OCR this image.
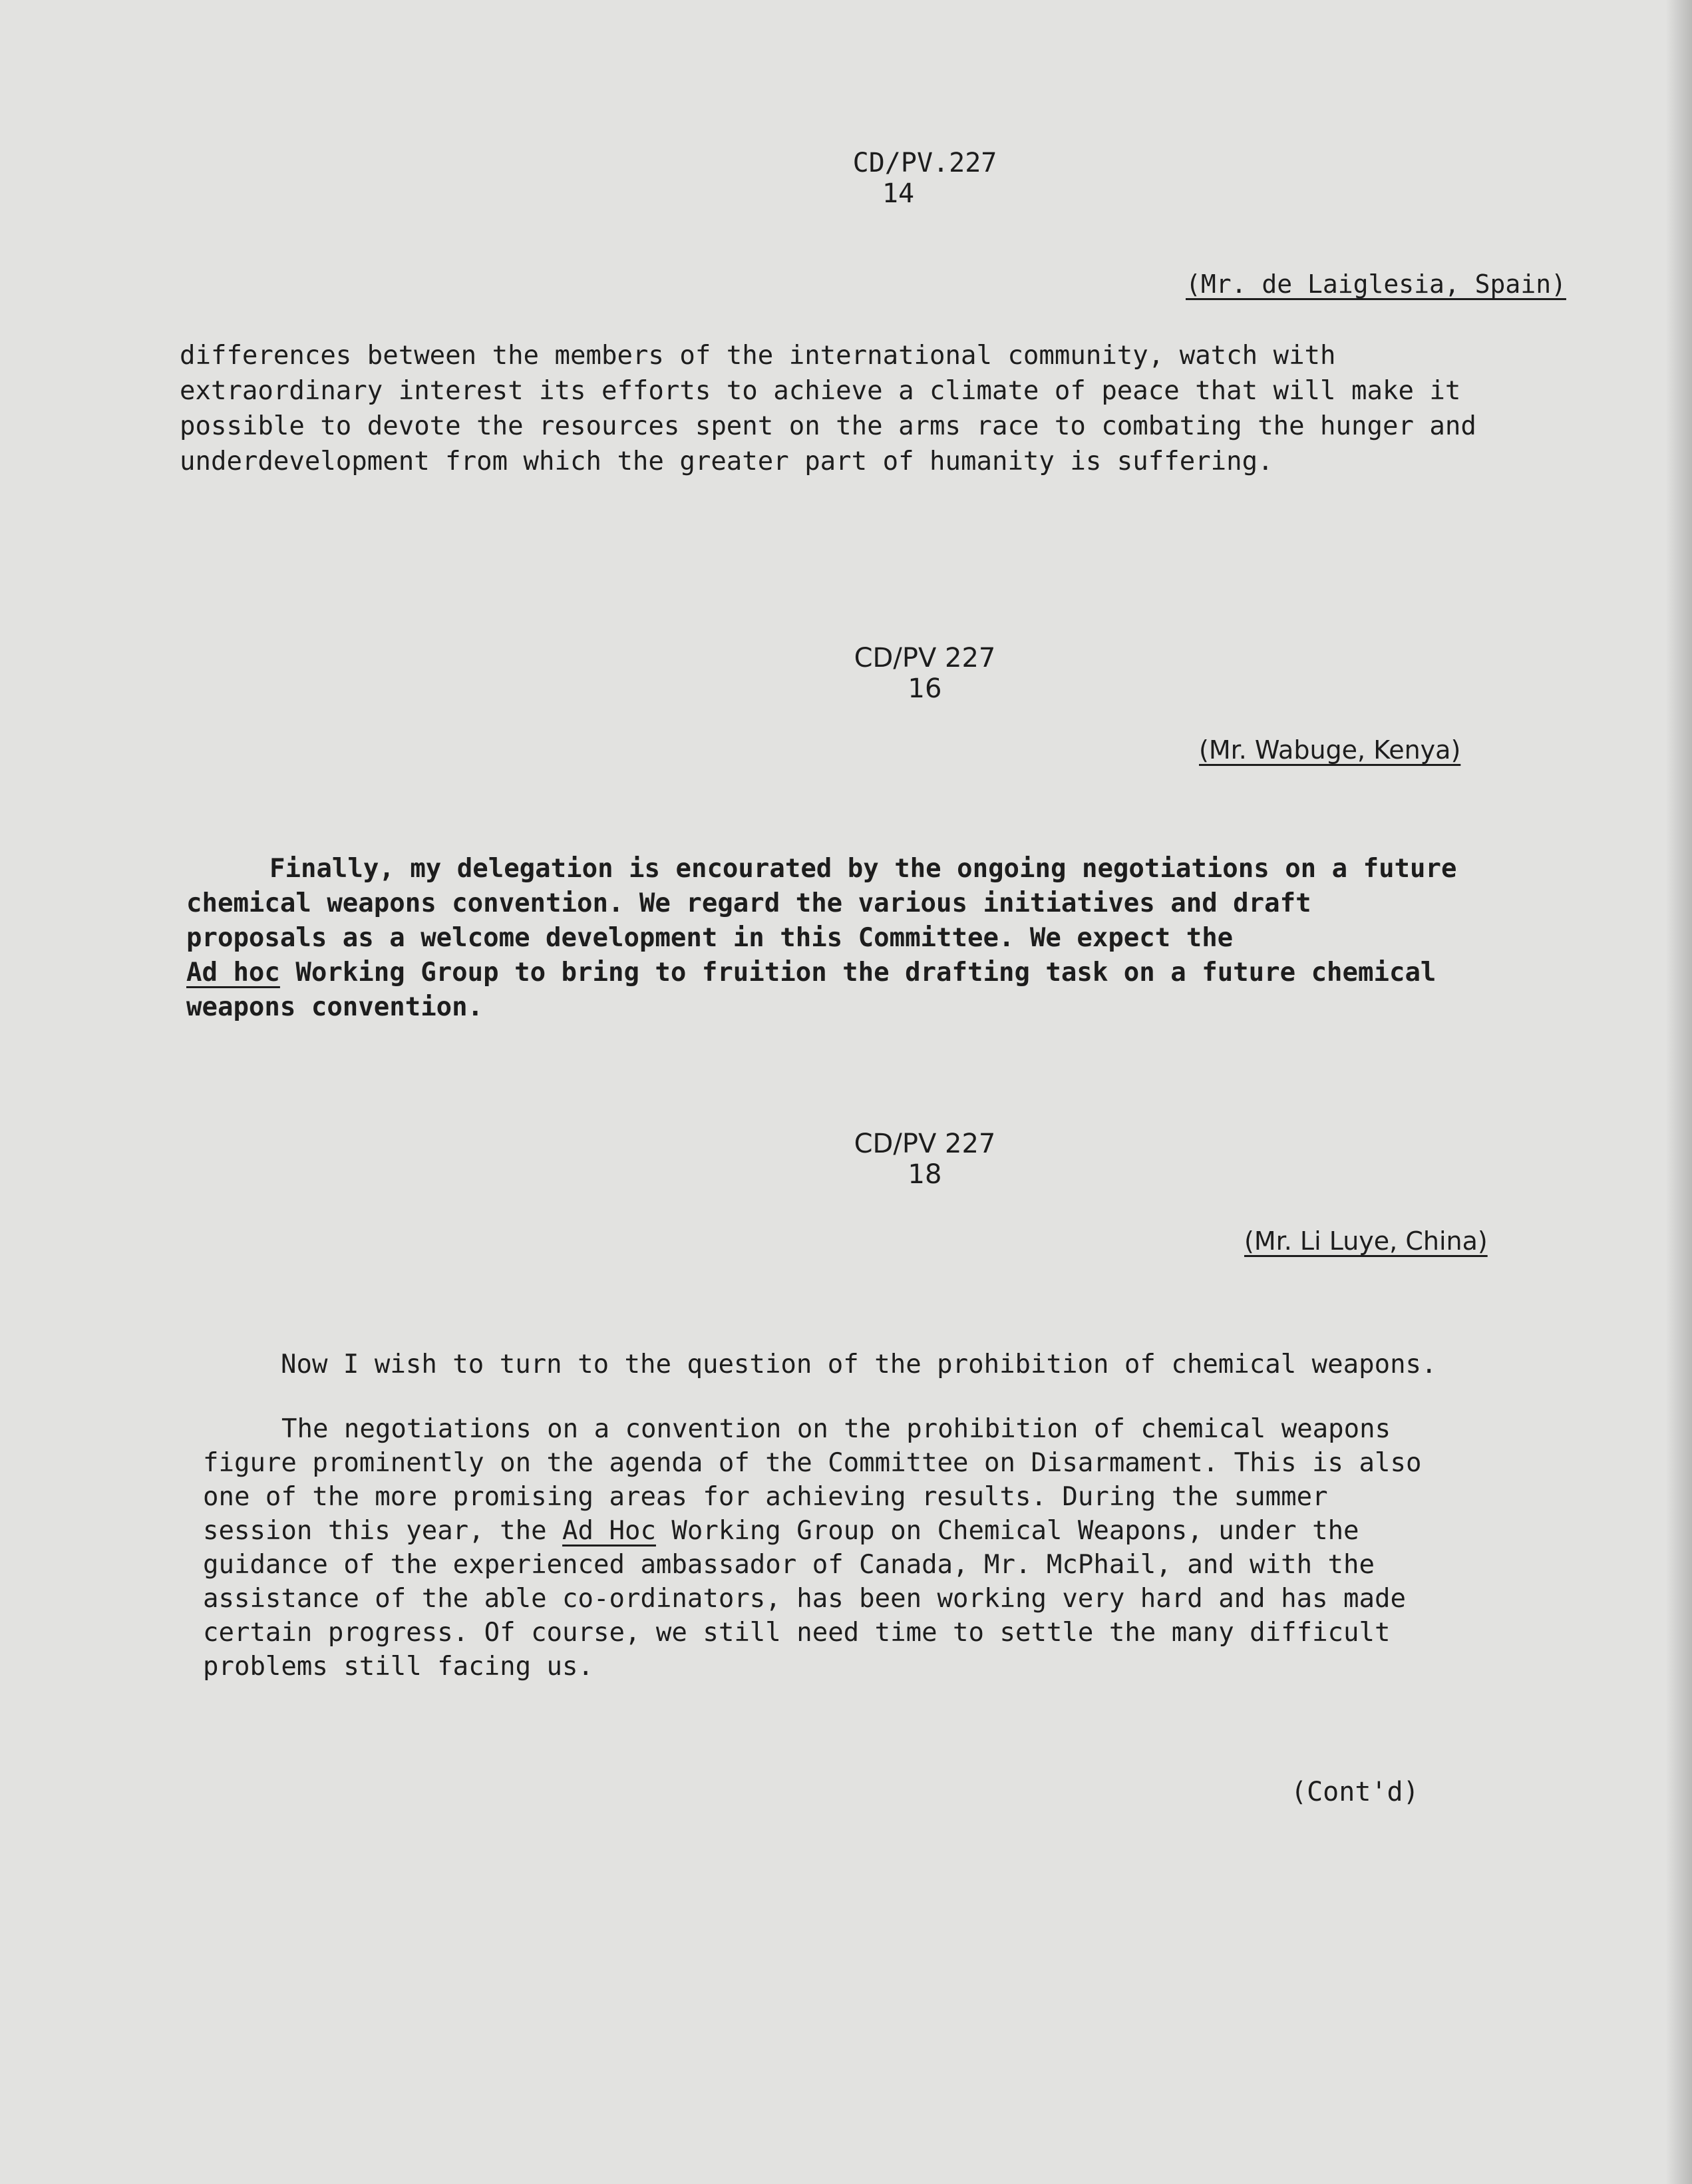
CD/PV.227
14
(Mr. de Laiglesia, Spain)
differences between the members of the international community, watch with
extraordinary interest its efforts to achieve a climate of peace that will make it
possible to devote the resources spent on the arms race to combating the hunger and
underdevelopment from which the greater part of humanity is suffering.
CD/PV 227
16
(Mr. Wabuge, Kenya)
Finally, my delegation is encourated by the ongoing negotiations on a future
chemical weapons convention. We regard the various initiatives and draft
proposals as a welcome development in this Committee. We expect the
Ad hoc Working Group to bring to fruition the drafting task on a future chemical
weapons convention.
CD/PV 227
18
(Mr. Li Luye, China)
Now I wish to turn to the question of the prohibition of chemical weapons.
The negotiations on a convention on the prohibition of chemical weapons
figure prominently on the agenda of the Committee on Disarmament. This is also
one of the more promising areas for achieving results. During the summer
session this year, the Ad Hoc Working Group on Chemical Weapons, under the
guidance of the experienced ambassador of Canada, Mr. McPhail, and with the
assistance of the able co-ordinators, has been working very hard and has made
certain progress. Of course, we still need time to settle the many difficult
problems still facing us.
(Cont'd)
